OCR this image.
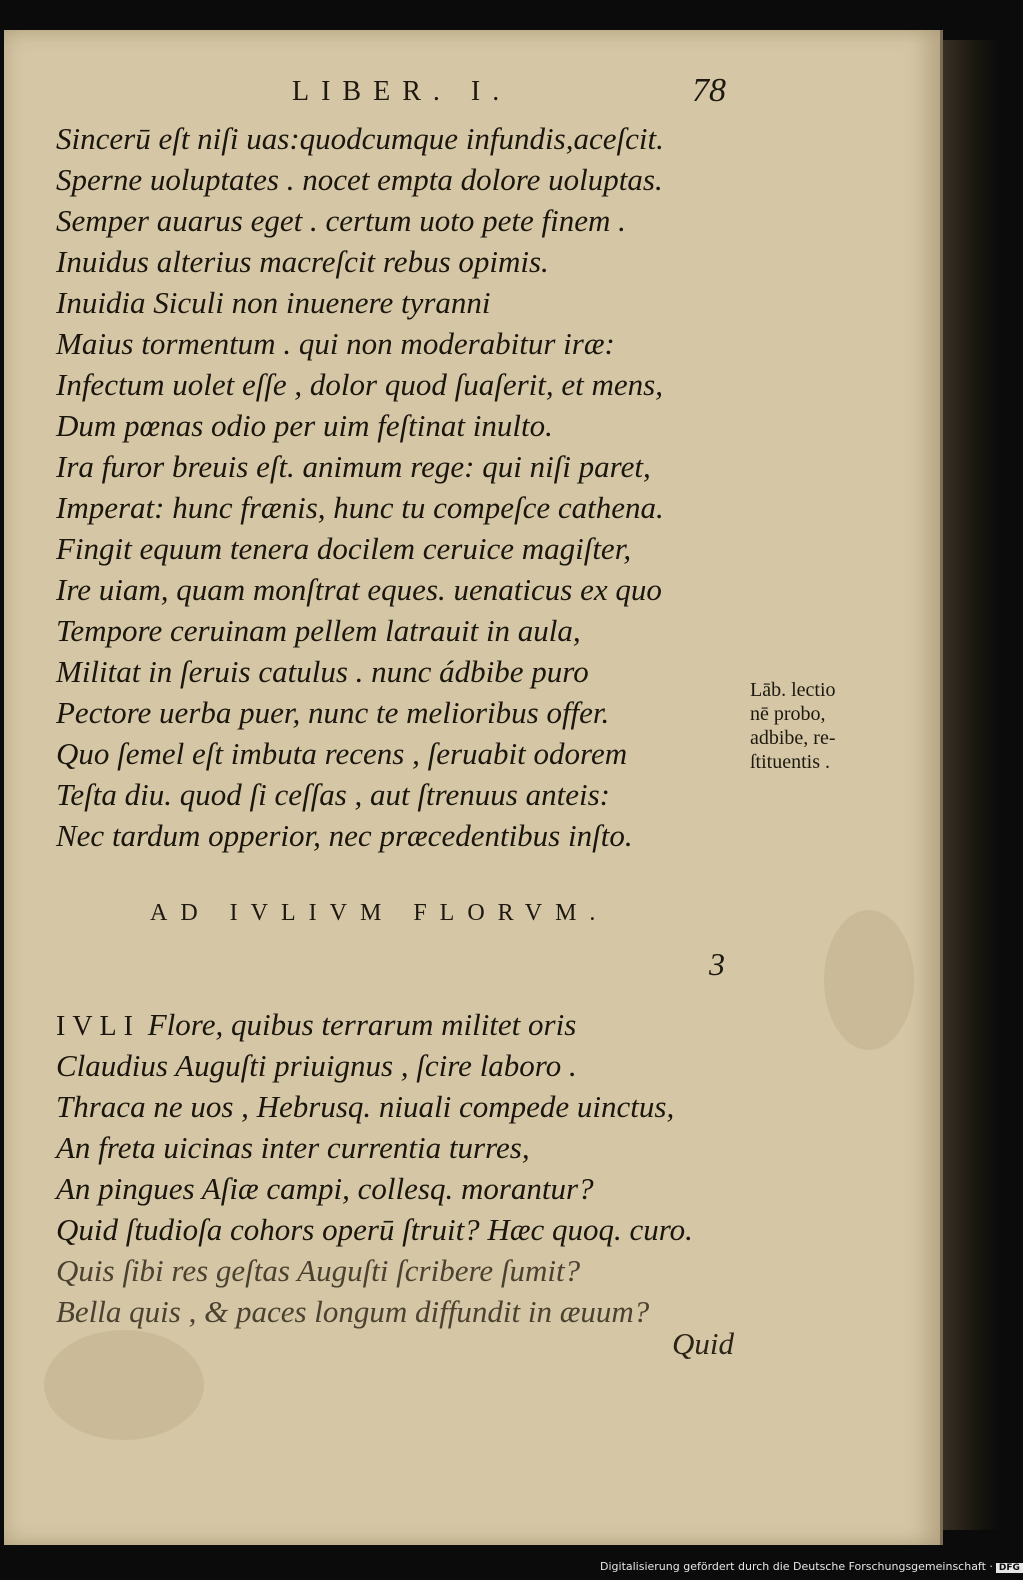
LIBER. I.	78
Sincerū eſt niſi uas:quodcumque infundis,aceſcit.
Sperne uoluptates . nocet empta dolore uoluptas.
Semper auarus eget . certum uoto pete finem .
Inuidus alterius macreſcit rebus opimis.
Inuidia Siculi non inuenere tyranni
Maius tormentum . qui non moderabitur iræ:
Infectum uolet eſſe , dolor quod ſuaſerit, et mens,
Dum pœnas odio per uim feſtinat inulto.
Ira furor breuis eſt. animum rege: qui niſi paret,
Imperat: hunc frænis, hunc tu compeſce cathena.
Fingit equum tenera docilem ceruice magiſter,
Ire uiam, quam monſtrat eques. uenaticus ex quo
Tempore ceruinam pellem latrauit in aula,
Militat in ſeruis catulus . nunc ádbibe puro
Pectore uerba puer, nunc te melioribus offer.
Quo ſemel eſt imbuta recens , ſeruabit odorem
Teſta diu. quod ſi ceſſas , aut ſtrenuus anteis:
Nec tardum opperior, nec præcedentibus inſto.
Lāb. lectio
nē probo,
adbibe, re-
ſtituentis .
AD IVLIVM FLORVM.
3
IVLI Flore, quibus terrarum militet oris
Claudius Auguſti priuignus , ſcire laboro .
Thraca ne uos , Hebrusq. niuali compede uinctus,
An freta uicinas inter currentia turres,
An pingues Aſiæ campi, collesq. morantur?
Quid ſtudioſa cohors operū ſtruit? Hæc quoq. curo.
Quis ſibi res geſtas Auguſti ſcribere ſumit?
Bella quis , & paces longum diffundit in æuum?
Quid
Digitalisierung gefördert durch die Deutsche Forschungsgemeinschaft · DFG
